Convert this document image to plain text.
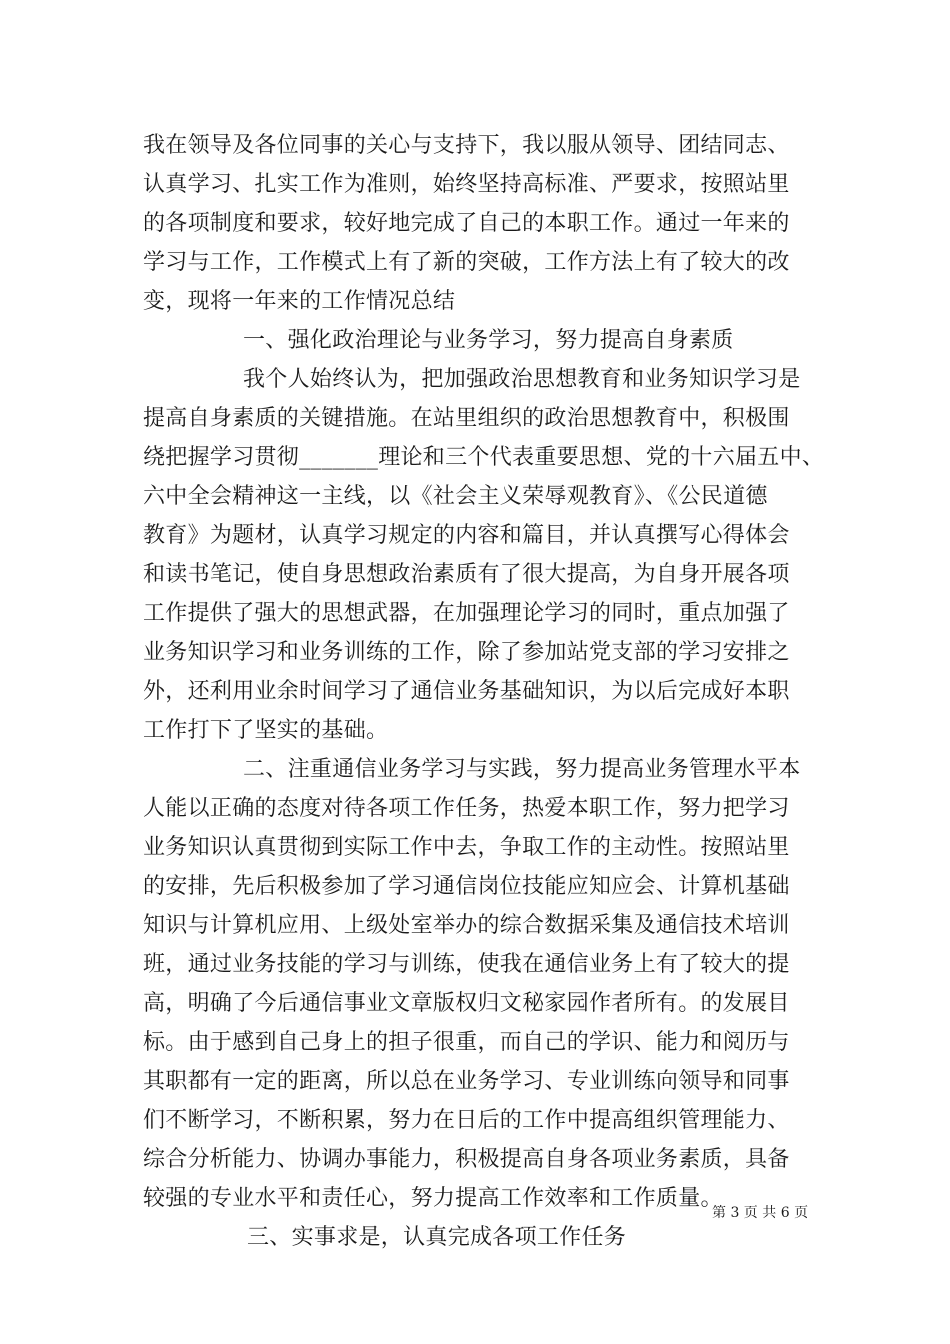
我在领导及各位同事的关心与支持下，我以服从领导、团结同志、
认真学习、扎实工作为准则，始终坚持高标准、严要求，按照站里
的各项制度和要求，较好地完成了自己的本职工作。通过一年来的
学习与工作，工作模式上有了新的突破，工作方法上有了较大的改
变，现将一年来的工作情况总结
一、强化政治理论与业务学习，努力提高自身素质
我个人始终认为，把加强政治思想教育和业务知识学习是
提高自身素质的关键措施。在站里组织的政治思想教育中，积极围
绕把握学习贯彻_______理论和三个代表重要思想、党的十六届五中、
六中全会精神这一主线，以《社会主义荣辱观教育》、《公民道德
教育》为题材，认真学习规定的内容和篇目，并认真撰写心得体会
和读书笔记，使自身思想政治素质有了很大提高，为自身开展各项
工作提供了强大的思想武器，在加强理论学习的同时，重点加强了
业务知识学习和业务训练的工作，除了参加站党支部的学习安排之
外，还利用业余时间学习了通信业务基础知识，为以后完成好本职
工作打下了坚实的基础。
二、注重通信业务学习与实践，努力提高业务管理水平本
人能以正确的态度对待各项工作任务，热爱本职工作，努力把学习
业务知识认真贯彻到实际工作中去，争取工作的主动性。按照站里
的安排，先后积极参加了学习通信岗位技能应知应会、计算机基础
知识与计算机应用、上级处室举办的综合数据采集及通信技术培训
班，通过业务技能的学习与训练，使我在通信业务上有了较大的提
高，明确了今后通信事业文章版权归文秘家园作者所有。的发展目
标。由于感到自己身上的担子很重，而自己的学识、能力和阅历与
其职都有一定的距离，所以总在业务学习、专业训练向领导和同事
们不断学习，不断积累，努力在日后的工作中提高组织管理能力、
综合分析能力、协调办事能力，积极提高自身各项业务素质，具备
较强的专业水平和责任心，努力提高工作效率和工作质量。
三、实事求是，认真完成各项工作任务
第 3 页 共 6 页
